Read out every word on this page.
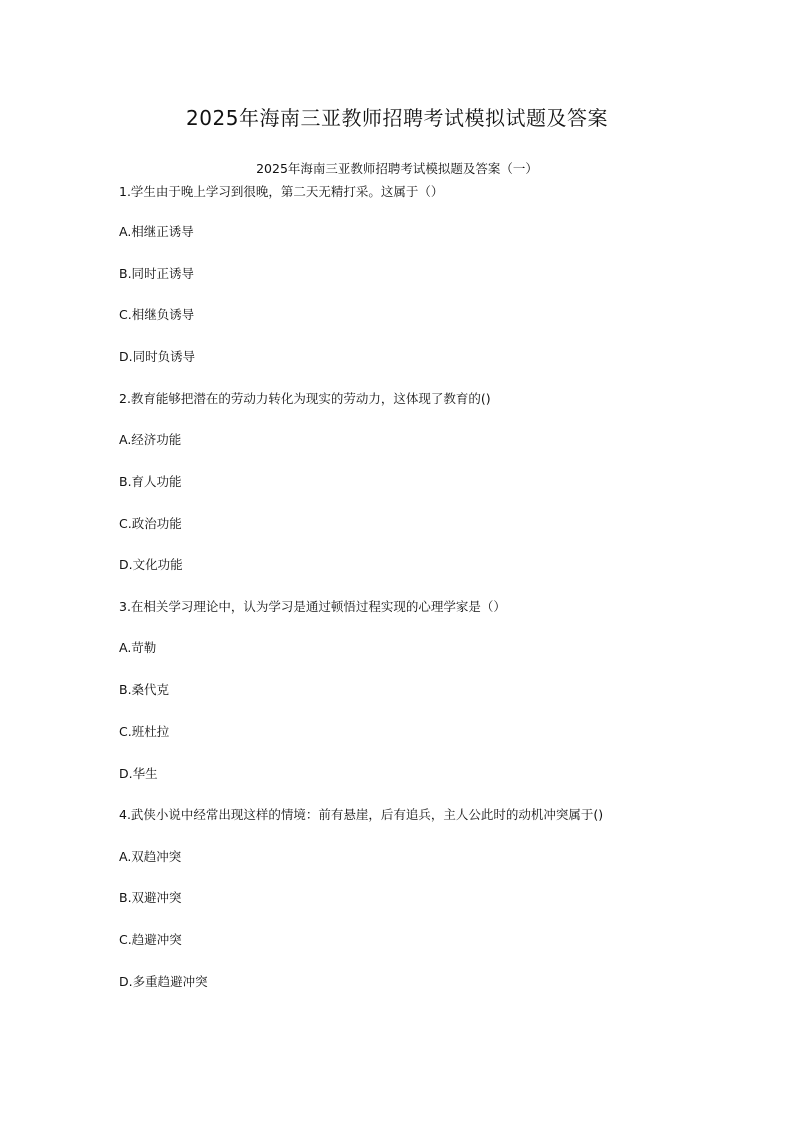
2025年海南三亚教师招聘考试模拟试题及答案
2025年海南三亚教师招聘考试模拟题及答案（一）
1.学生由于晚上学习到很晚，第二天无精打采。这属于（）
A.相继正诱导
B.同时正诱导
C.相继负诱导
D.同时负诱导
2.教育能够把潜在的劳动力转化为现实的劳动力，这体现了教育的()
A.经济功能
B.育人功能
C.政治功能
D.文化功能
3.在相关学习理论中，认为学习是通过顿悟过程实现的心理学家是（）
A.苛勒
B.桑代克
C.班杜拉
D.华生
4.武侠小说中经常出现这样的情境：前有悬崖，后有追兵，主人公此时的动机冲突属于()
A.双趋冲突
B.双避冲突
C.趋避冲突
D.多重趋避冲突
